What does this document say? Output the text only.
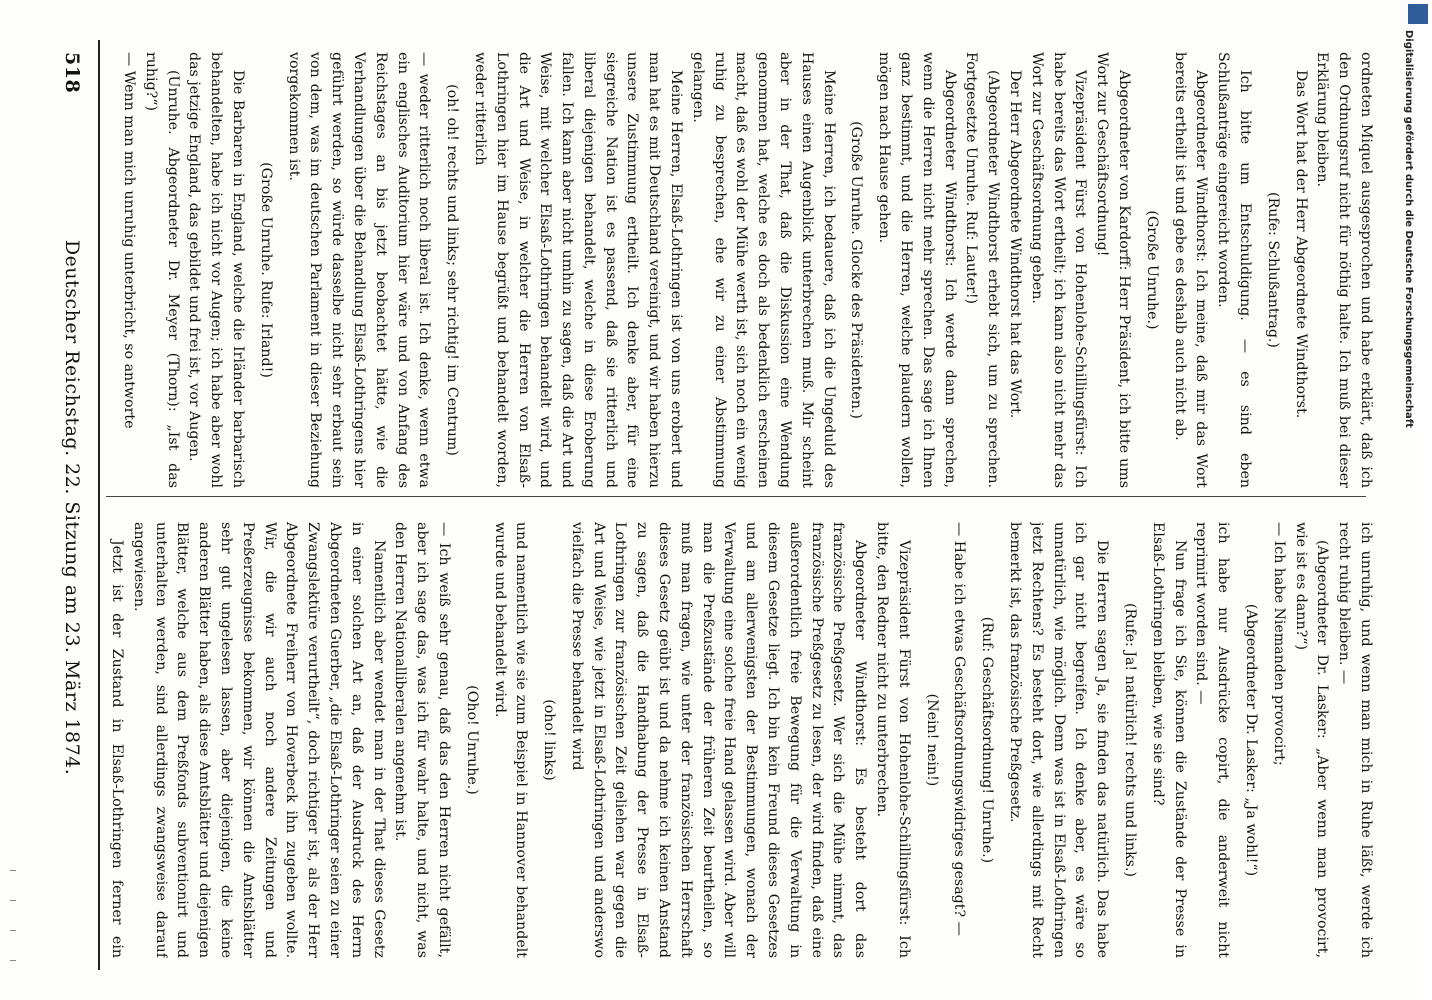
518
Deutscher Reichstag. 22. Sitzung am 23. März 1874.	ordneten Miquel ausgesprochen und habe erklärt, daß ich den Ordnungsruf nicht für nöthig halte. Ich muß bei dieser Erklärung bleiben.

Das Wort hat der Herr Abgeordnete Windthorst.

(Rufe: Schlußantrag.)

Ich bitte um Entschuldigung. — es sind eben Schlußanträge eingereicht worden.

Abgeordneter Windthorst: Ich meine, daß mir das Wort bereits ertheilt ist und gebe es deshalb auch nicht ab.

(Große Unruhe.)

Abgeordneter von Kardorff: Herr Präsident, ich bitte ums Wort zur Geschäftsordnung!

Vizepräsident Fürst von Hohenlohe-Schillingsfürst: Ich habe bereits das Wort ertheilt; ich kann also nicht mehr das Wort zur Geschäftsordnung geben.

Der Herr Abgeordnete Windthorst hat das Wort.

(Abgeordneter Windthorst erhebt sich, um zu sprechen. Fortgesetzte Unruhe. Ruf: Lauter!)

Abgeordneter Windthorst: Ich werde dann sprechen, wenn die Herren nicht mehr sprechen. Das sage ich Ihnen ganz bestimmt, und die Herren, welche plaudern wollen, mögen nach Hause gehen.

(Große Unruhe. Glocke des Präsidenten.)

Meine Herren, ich bedauere, daß ich die Ungeduld des Hauses einen Augenblick unterbrechen muß. Mir scheint aber in der That, daß die Diskussion eine Wendung genommen hat, welche es doch als bedenklich erscheinen macht, daß es wohl der Mühe werth ist, sich noch ein wenig ruhig zu besprechen, ehe wir zu einer Abstimmung gelangen.

Meine Herren, Elsaß-Lothringen ist von uns erobert und man hat es mit Deutschland vereinigt, und wir haben hierzu unsere Zustimmung ertheilt. Ich denke aber, für eine siegreiche Nation ist es passend, daß sie ritterlich und liberal diejenigen behandelt, welche in diese Eroberung fallen. Ich kann aber nicht umhin zu sagen, daß die Art und Weise, mit welcher Elsaß-Lothringen behandelt wird, und die Art und Weise, in welcher die Herren von Elsaß-Lothringen hier im Hause begrüßt und behandelt worden, weder ritterlich

(oh! oh! rechts und links; sehr richtig! im Centrum)

— weder ritterlich noch liberal ist. Ich denke, wenn etwa ein englisches Auditorium hier wäre und von Anfang des Reichstages an bis jetzt beobachtet hätte, wie die Verhandlungen über die Behandlung Elsaß-Lothringens hier geführt werden, so würde dasselbe nicht sehr erbaut sein von dem, was im deutschen Parlament in dieser Beziehung vorgekommen ist.

(Große Unruhe. Rufe: Irland!)

Die Barbaren in England, welche die Irländer barbarisch behandelten, habe ich nicht vor Augen; ich habe aber wohl das jetzige England, das gebildet und frei ist, vor Augen.

(Unruhe. Abgeordneter Dr. Meyer (Thorn): „Ist das ruhig?“)

— Wenn man mich unruhig unterbricht, so antworte

ich unruhig, und wenn man mich in Ruhe läßt, werde ich recht ruhig bleiben. —

(Abgeordneter Dr. Lasker: „Aber wenn man provocirt, wie ist es dann?“)

— Ich habe Niemanden provocirt;

(Abgeordneter Dr. Lasker: „Ja wohl!“)

ich habe nur Ausdrücke copirt, die anderweit nicht reprimirt worden sind. —

Nun frage ich Sie, können die Zustände der Presse in Elsaß-Lothringen bleiben, wie sie sind?

(Rufe: Ja! natürlich! rechts und links.)

Die Herren sagen Ja, sie finden das natürlich. Das habe ich gar nicht begreifen. Ich denke aber, es wäre so unnatürlich, wie möglich. Denn was ist in Elsaß-Lothringen jetzt Rechtens? Es besteht dort, wie allerdings mit Recht bemerkt ist, das französische Preßgesetz.

(Ruf: Geschäftsordnung! Unruhe.)

— Habe ich etwas Geschäftsordnungswidriges gesagt? —

(Nein! nein!)

Vizepräsident Fürst von Hohenlohe-Schillingsfürst: Ich bitte, den Redner nicht zu unterbrechen.

Abgeordneter Windthorst: Es besteht dort das französische Preßgesetz. Wer sich die Mühe nimmt, das französische Preßgesetz zu lesen, der wird finden, daß eine außerordentlich freie Bewegung für die Verwaltung in diesem Gesetze liegt. Ich bin kein Freund dieses Gesetzes und am allerwenigsten der Bestimmungen, wonach der Verwaltung eine solche freie Hand gelassen wird. Aber will man die Preßzustände der früheren Zeit beurtheilen, so muß man fragen, wie unter der französischen Herrschaft dieses Gesetz geübt ist und da nehme ich keinen Anstand zu sagen, daß die Handhabung der Presse in Elsaß-Lothringen zur französischen Zeit geliehen war gegen die Art und Weise, wie jetzt in Elsaß-Lothringen und anderswo vielfach die Presse behandelt wird

(oho! links)

und namentlich wie sie zum Beispiel in Hannover behandelt wurde und behandelt wird.

(Oho! Unruhe.)

— Ich weiß sehr genau, daß das den Herren nicht gefällt, aber ich sage das, was ich für wahr halte, und nicht, was den Herren Nationalliberalen angenehm ist.

Namentlich aber wendet man in der That dieses Gesetz in einer solchen Art an, daß der Ausdruck des Herrn Abgeordneten Guerber, „die Elsaß-Lothringer seien zu einer Zwangslektüre verurtheilt“, doch richtiger ist, als der Herr Abgeordnete Freiherr von Hoverbeck ihn zugeben wollte. Wir, die wir auch noch andere Zeitungen und Preßerzeugnisse bekommen, wir können die Amtsblätter sehr gut ungelesen lassen, aber diejenigen, die keine anderen Blätter haben, als diese Amtsblätter und diejenigen Blätter, welche aus dem Preßfonds subventionirt und unterhalten werden, sind allerdings zwangsweise darauf angewiesen.

Jetzt ist der Zustand in Elsaß-Lothringen ferner ein

Digitalisierung gefördert durch die Deutsche Forschungsgemeinschaft
